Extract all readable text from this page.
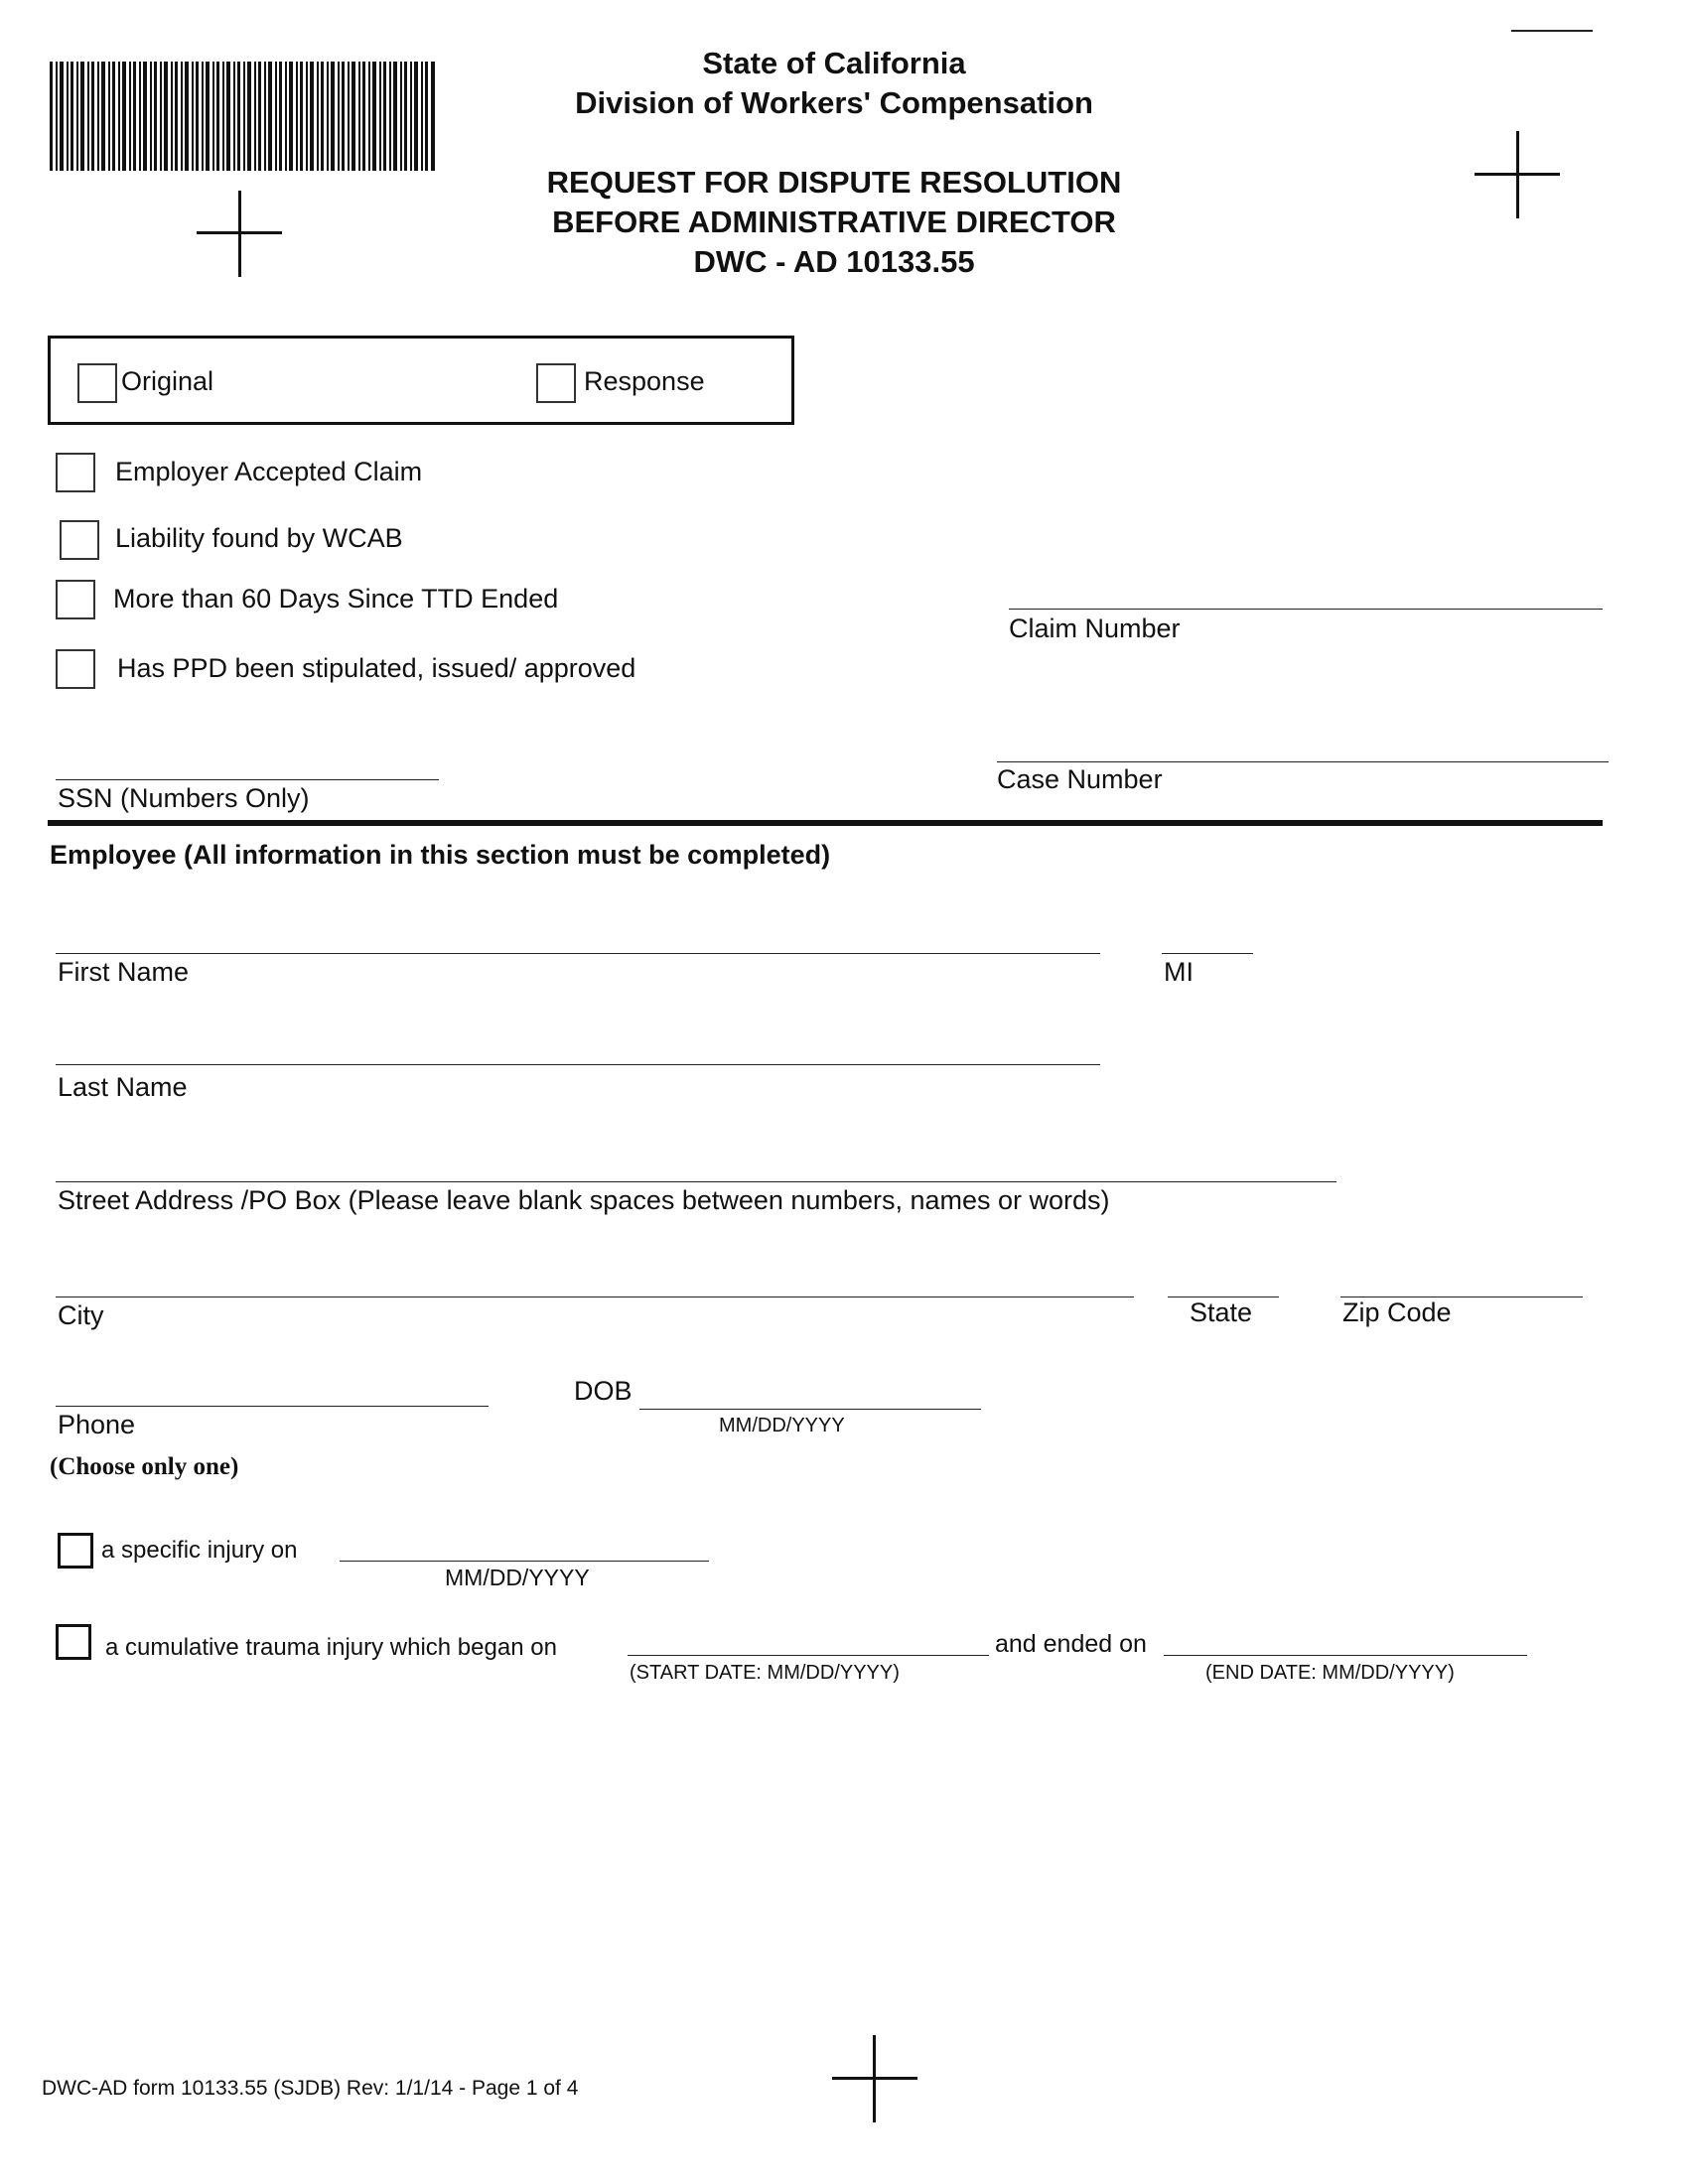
State of California
Division of Workers' Compensation
REQUEST FOR DISPUTE RESOLUTION
BEFORE ADMINISTRATIVE DIRECTOR
DWC - AD 10133.55
Original	Response
Employer Accepted Claim
Liability found by WCAB
More than 60 Days Since TTD Ended
Has PPD been stipulated, issued/ approved
Claim Number
Case Number
SSN (Numbers Only)
Employee (All information in this section must be completed)
First Name	MI
Last Name
Street Address /PO Box (Please leave blank spaces between numbers, names or words)
City	State	Zip Code
Phone
DOB
MM/DD/YYYY
(Choose only one)
a specific injury on
MM/DD/YYYY
a cumulative trauma injury which began on
(START DATE: MM/DD/YYYY)
and ended on
(END DATE: MM/DD/YYYY)
DWC-AD form 10133.55 (SJDB) Rev: 1/1/14 - Page 1 of 4
